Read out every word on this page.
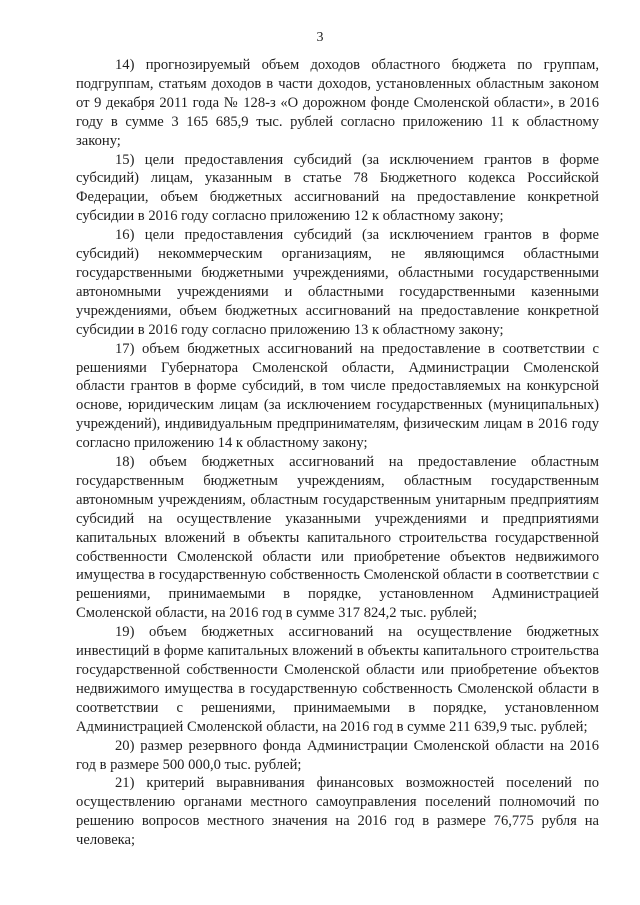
3

14) прогнозируемый объем доходов областного бюджета по группам, подгруппам, статьям доходов в части доходов, установленных областным законом от 9 декабря 2011 года № 128-з «О дорожном фонде Смоленской области», в 2016 году в сумме 3 165 685,9 тыс. рублей согласно приложению 11 к областному закону;

15) цели предоставления субсидий (за исключением грантов в форме субсидий) лицам, указанным в статье 78 Бюджетного кодекса Российской Федерации, объем бюджетных ассигнований на предоставление конкретной субсидии в 2016 году согласно приложению 12 к областному закону;

16) цели предоставления субсидий (за исключением грантов в форме субсидий) некоммерческим организациям, не являющимся областными государственными бюджетными учреждениями, областными государственными автономными учреждениями и областными государственными казенными учреждениями, объем бюджетных ассигнований на предоставление конкретной субсидии в 2016 году согласно приложению 13 к областному закону;

17) объем бюджетных ассигнований на предоставление в соответствии с решениями Губернатора Смоленской области, Администрации Смоленской области грантов в форме субсидий, в том числе предоставляемых на конкурсной основе, юридическим лицам (за исключением государственных (муниципальных) учреждений), индивидуальным предпринимателям, физическим лицам в 2016 году согласно приложению 14 к областному закону;

18) объем бюджетных ассигнований на предоставление областным государственным бюджетным учреждениям, областным государственным автономным учреждениям, областным государственным унитарным предприятиям субсидий на осуществление указанными учреждениями и предприятиями капитальных вложений в объекты капитального строительства государственной собственности Смоленской области или приобретение объектов недвижимого имущества в государственную собственность Смоленской области в соответствии с решениями, принимаемыми в порядке, установленном Администрацией Смоленской области, на 2016 год в сумме 317 824,2 тыс. рублей;

19) объем бюджетных ассигнований на осуществление бюджетных инвестиций в форме капитальных вложений в объекты капитального строительства государственной собственности Смоленской области или приобретение объектов недвижимого имущества в государственную собственность Смоленской области в соответствии с решениями, принимаемыми в порядке, установленном Администрацией Смоленской области, на 2016 год в сумме 211 639,9 тыс. рублей;

20) размер резервного фонда Администрации Смоленской области на 2016 год в размере 500 000,0 тыс. рублей;

21) критерий выравнивания финансовых возможностей поселений по осуществлению органами местного самоуправления поселений полномочий по решению вопросов местного значения на 2016 год в размере 76,775 рубля на человека;
